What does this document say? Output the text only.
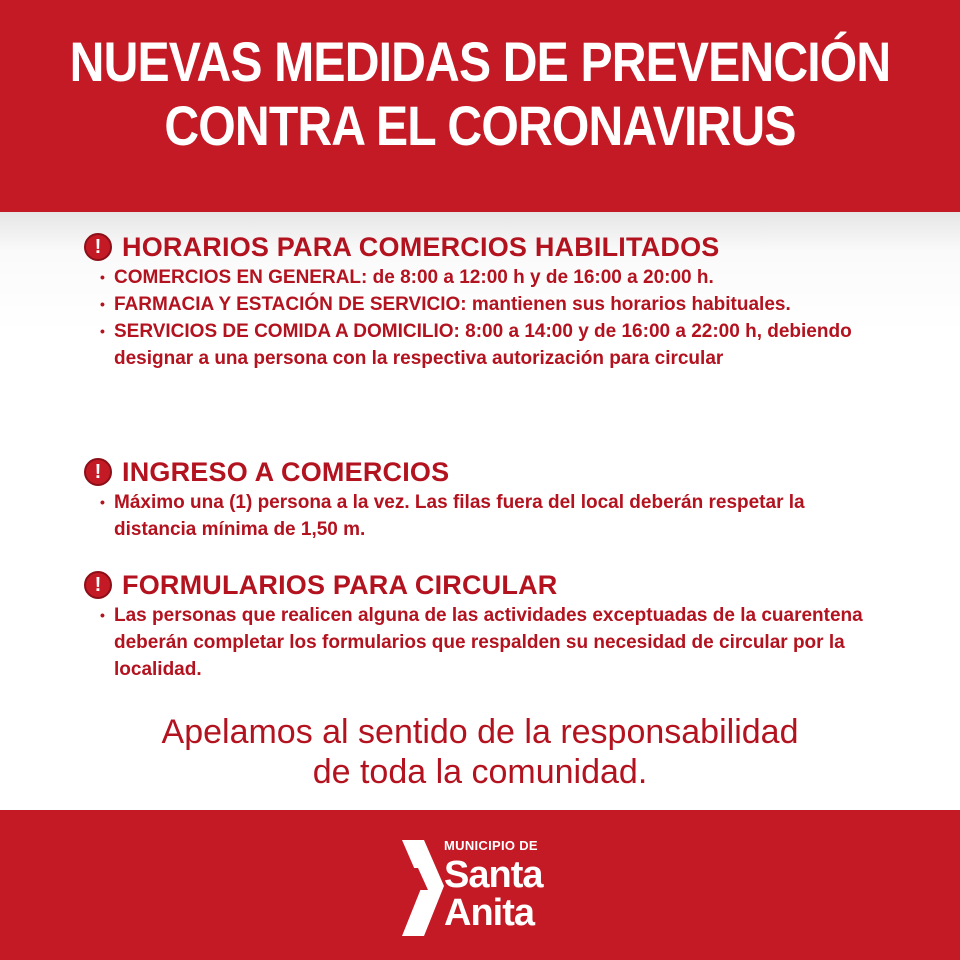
NUEVAS MEDIDAS DE PREVENCIÓN
CONTRA EL CORONAVIRUS
! HORARIOS PARA COMERCIOS HABILITADOS
• COMERCIOS EN GENERAL: de 8:00 a 12:00 h y de 16:00 a 20:00 h.
• FARMACIA Y ESTACIÓN DE SERVICIO: mantienen sus horarios habituales.
• SERVICIOS DE COMIDA A DOMICILIO: 8:00 a 14:00 y de 16:00 a 22:00 h, debiendo designar a una persona con la respectiva autorización para circular
! INGRESO A COMERCIOS
• Máximo una (1) persona a la vez. Las filas fuera del local deberán respetar la distancia mínima de 1,50 m.
! FORMULARIOS PARA CIRCULAR
• Las personas que realicen alguna de las actividades exceptuadas de la cuarentena deberán completar los formularios que respalden su necesidad de circular por la localidad.
Apelamos al sentido de la responsabilidad
de toda la comunidad.
MUNICIPIO DE
Santa
Anita
